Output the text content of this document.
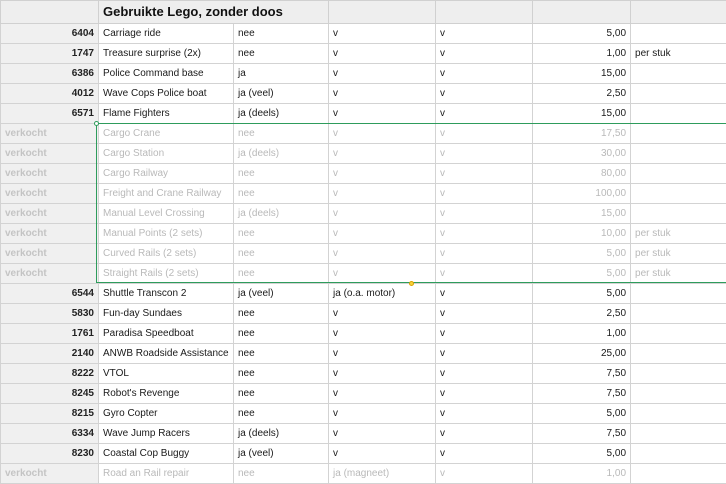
	Gebruikte Lego, zonder doos					
6404	Carriage ride	nee	v	v	5,00	
1747	Treasure surprise (2x)	nee	v	v	1,00	per stuk
6386	Police Command base	ja	v	v	15,00	
4012	Wave Cops Police boat	ja (veel)	v	v	2,50	
6571	Flame Fighters	ja (deels)	v	v	15,00	
verkocht	Cargo Crane	nee	v	v	17,50	
verkocht	Cargo Station	ja (deels)	v	v	30,00	
verkocht	Cargo Railway	nee	v	v	80,00	
verkocht	Freight and Crane Railway	nee	v	v	100,00	
verkocht	Manual Level Crossing	ja (deels)	v	v	15,00	
verkocht	Manual Points (2 sets)	nee	v	v	10,00	per stuk
verkocht	Curved Rails (2 sets)	nee	v	v	5,00	per stuk
verkocht	Straight Rails (2 sets)	nee	v	v	5,00	per stuk
6544	Shuttle Transcon 2	ja (veel)	ja (o.a. motor)	v	5,00	
5830	Fun-day Sundaes	nee	v	v	2,50	
1761	Paradisa Speedboat	nee	v	v	1,00	
2140	ANWB Roadside Assistance	nee	v	v	25,00	
8222	VTOL	nee	v	v	7,50	
8245	Robot's Revenge	nee	v	v	7,50	
8215	Gyro Copter	nee	v	v	5,00	
6334	Wave Jump Racers	ja (deels)	v	v	7,50	
8230	Coastal Cop Buggy	ja (veel)	v	v	5,00	
verkocht	Road an Rail repair	nee	ja (magneet)	v	1,00	
